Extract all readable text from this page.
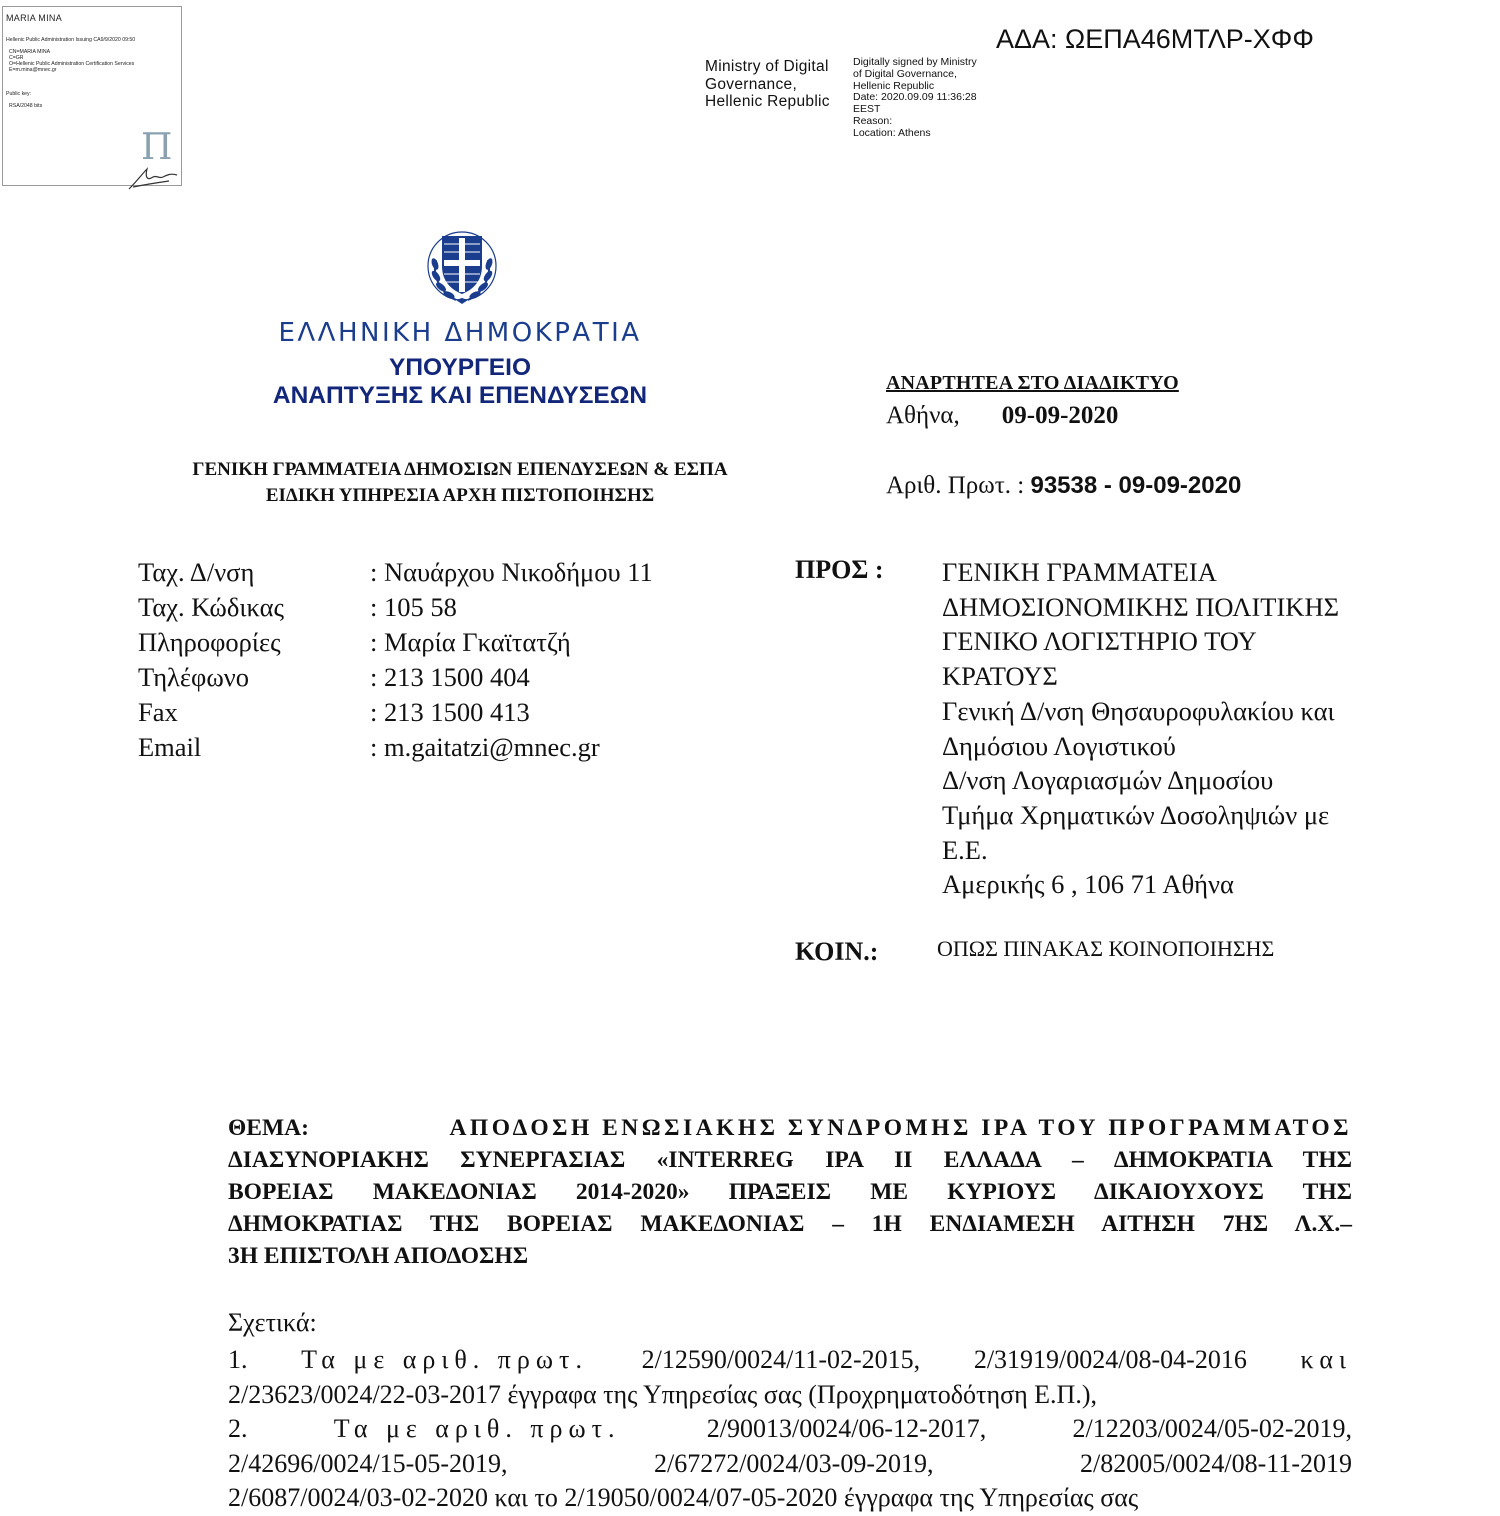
MARIA MINA
Hellenic Public Administration Issuing CA9/9/2020 09:50
CN=MARIA MINA
C=GR
O=Hellenic Public Administration Certification Services
E=m.mina@mnec.gr
Public key:
RSA/2048 bits
Π
ΑΔΑ: ΩΕΠΑ46ΜΤΛΡ-ΧΦΦ
Ministry of Digital
Governance,
Hellenic Republic
Digitally signed by Ministry
of Digital Governance,
Hellenic Republic
Date: 2020.09.09 11:36:28
EEST
Reason:
Location: Athens
ΕΛΛΗΝΙΚΗ ΔΗΜΟΚΡΑΤΙΑ
ΥΠΟΥΡΓΕΙΟ
ΑΝΑΠΤΥΞΗΣ ΚΑΙ ΕΠΕΝΔΥΣΕΩΝ
ΓΕΝΙΚΗ ΓΡΑΜΜΑΤΕΙΑ ΔΗΜΟΣΙΩΝ ΕΠΕΝΔΥΣΕΩΝ & ΕΣΠΑ
ΕΙΔΙΚΗ ΥΠΗΡΕΣΙΑ ΑΡΧΗ ΠΙΣΤΟΠΟΙΗΣΗΣ
ΑΝΑΡΤΗΤΕΑ ΣΤΟ ΔΙΑΔΙΚΤΥΟ
Αθήνα, 09-09-2020
Αριθ. Πρωτ. : 93538 - 09-09-2020
Ταχ. Δ/νση	: Ναυάρχου Νικοδήμου 11
Ταχ. Κώδικας	: 105 58
Πληροφορίες	: Μαρία Γκαϊτατζή
Τηλέφωνο	: 213 1500 404
Fax	: 213 1500 413
Email	: m.gaitatzi@mnec.gr
ΠΡΟΣ : ΓΕΝΙΚΗ ΓΡΑΜΜΑΤΕΙΑ
ΔΗΜΟΣΙΟΝΟΜΙΚΗΣ ΠΟΛΙΤΙΚΗΣ
ΓΕΝΙΚΟ ΛΟΓΙΣΤΗΡΙΟ ΤΟΥ
ΚΡΑΤΟΥΣ
Γενική Δ/νση Θησαυροφυλακίου και
Δημόσιου Λογιστικού
Δ/νση Λογαριασμών Δημοσίου
Τμήμα Χρηματικών Δοσοληψιών με
Ε.Ε.
Αμερικής 6 , 106 71 Αθήνα
ΚΟΙΝ.:	ΟΠΩΣ ΠΙΝΑΚΑΣ ΚΟΙΝΟΠΟΙΗΣΗΣ
ΘΕΜΑ:	ΑΠΟΔΟΣΗ ΕΝΩΣΙΑΚΗΣ ΣΥΝΔΡΟΜΗΣ IPA ΤΟΥ ΠΡΟΓΡΑΜΜΑΤΟΣ
ΔΙΑΣΥΝΟΡΙΑΚΗΣ ΣΥΝΕΡΓΑΣΙΑΣ «INTERREG IPA II ΕΛΛΑΔΑ – ΔΗΜΟΚΡΑΤΙΑ ΤΗΣ
ΒΟΡΕΙΑΣ ΜΑΚΕΔΟΝΙΑΣ 2014-2020» ΠΡΑΞΕΙΣ ΜΕ ΚΥΡΙΟΥΣ ΔΙΚΑΙΟΥΧΟΥΣ ΤΗΣ
ΔΗΜΟΚΡΑΤΙΑΣ ΤΗΣ ΒΟΡΕΙΑΣ ΜΑΚΕΔΟΝΙΑΣ – 1Η ΕΝΔΙΑΜΕΣΗ ΑΙΤΗΣΗ 7ΗΣ Λ.Χ.–
3Η ΕΠΙΣΤΟΛΗ ΑΠΟΔΟΣΗΣ
Σχετικά:
1. Τα με αριθ. πρωτ. 2/12590/0024/11-02-2015, 2/31919/0024/08-04-2016 και
2/23623/0024/22-03-2017 έγγραφα της Υπηρεσίας σας (Προχρηματοδότηση Ε.Π.),
2.	Τα με αριθ. πρωτ.	2/90013/0024/06-12-2017,	2/12203/0024/05-02-2019,
2/42696/0024/15-05-2019,	2/67272/0024/03-09-2019,	2/82005/0024/08-11-2019
2/6087/0024/03-02-2020 και το 2/19050/0024/07-05-2020 έγγραφα της Υπηρεσίας σας
